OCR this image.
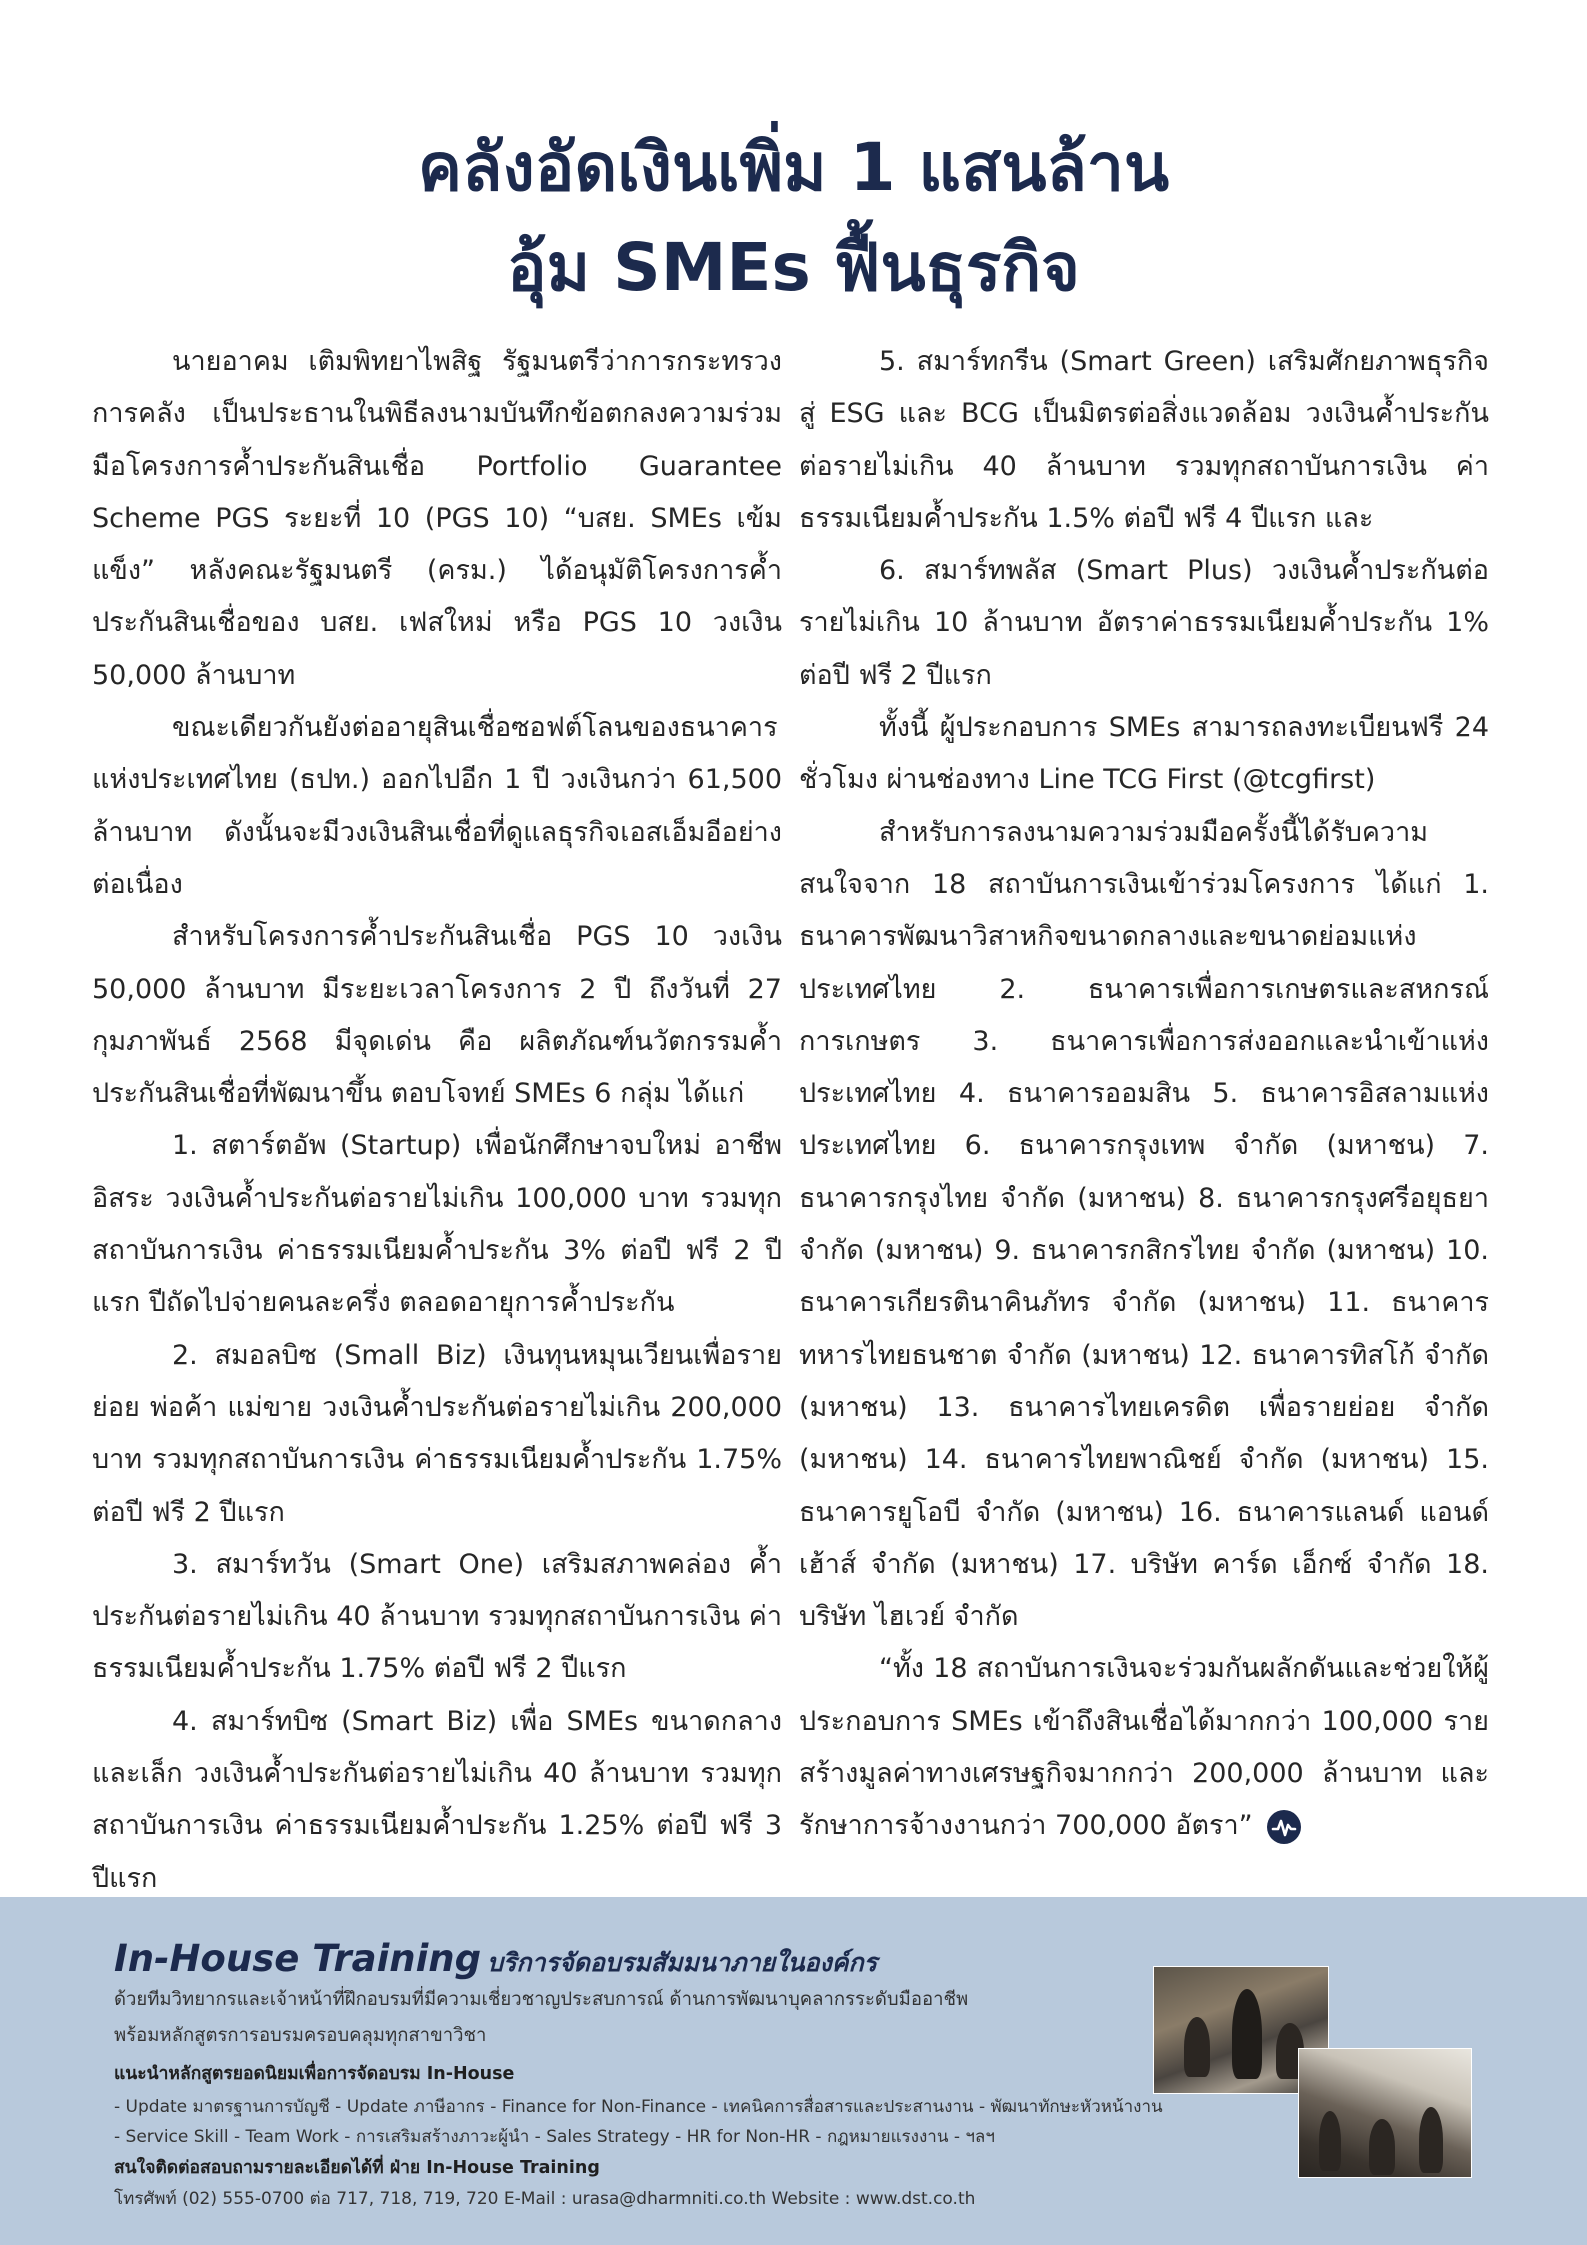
คลังอัดเงินเพิ่ม 1 แสนล้าน
อุ้ม SMEs ฟื้นธุรกิจ

นายอาคม เติมพิทยาไพสิฐ รัฐมนตรีว่าการกระทรวงการคลัง เป็นประธานในพิธีลงนามบันทึกข้อตกลงความร่วมมือโครงการค้ำประกันสินเชื่อ Portfolio Guarantee Scheme PGS ระยะที่ 10 (PGS 10) “บสย. SMEs เข้มแข็ง” หลังคณะรัฐมนตรี (ครม.) ได้อนุมัติโครงการค้ำประกันสินเชื่อของ บสย. เฟสใหม่ หรือ PGS 10 วงเงิน 50,000 ล้านบาท

ขณะเดียวกันยังต่ออายุสินเชื่อซอฟต์โลนของธนาคารแห่งประเทศไทย (ธปท.) ออกไปอีก 1 ปี วงเงินกว่า 61,500 ล้านบาท ดังนั้นจะมีวงเงินสินเชื่อที่ดูแลธุรกิจเอสเอ็มอีอย่างต่อเนื่อง

สำหรับโครงการค้ำประกันสินเชื่อ PGS 10 วงเงิน 50,000 ล้านบาท มีระยะเวลาโครงการ 2 ปี ถึงวันที่ 27 กุมภาพันธ์ 2568 มีจุดเด่น คือ ผลิตภัณฑ์นวัตกรรมค้ำประกันสินเชื่อที่พัฒนาขึ้น ตอบโจทย์ SMEs 6 กลุ่ม ได้แก่

1. สตาร์ตอัพ (Startup) เพื่อนักศึกษาจบใหม่ อาชีพอิสระ วงเงินค้ำประกันต่อรายไม่เกิน 100,000 บาท รวมทุกสถาบันการเงิน ค่าธรรมเนียมค้ำประกัน 3% ต่อปี ฟรี 2 ปีแรก ปีถัดไปจ่ายคนละครึ่ง ตลอดอายุการค้ำประกัน

2. สมอลบิซ (Small Biz) เงินทุนหมุนเวียนเพื่อรายย่อย พ่อค้า แม่ขาย วงเงินค้ำประกันต่อรายไม่เกิน 200,000 บาท รวมทุกสถาบันการเงิน ค่าธรรมเนียมค้ำประกัน 1.75% ต่อปี ฟรี 2 ปีแรก

3. สมาร์ทวัน (Smart One) เสริมสภาพคล่อง ค้ำประกันต่อรายไม่เกิน 40 ล้านบาท รวมทุกสถาบันการเงิน ค่าธรรมเนียมค้ำประกัน 1.75% ต่อปี ฟรี 2 ปีแรก

4. สมาร์ทบิซ (Smart Biz) เพื่อ SMEs ขนาดกลางและเล็ก วงเงินค้ำประกันต่อรายไม่เกิน 40 ล้านบาท รวมทุกสถาบันการเงิน ค่าธรรมเนียมค้ำประกัน 1.25% ต่อปี ฟรี 3 ปีแรก

5. สมาร์ทกรีน (Smart Green) เสริมศักยภาพธุรกิจสู่ ESG และ BCG เป็นมิตรต่อสิ่งแวดล้อม วงเงินค้ำประกันต่อรายไม่เกิน 40 ล้านบาท รวมทุกสถาบันการเงิน ค่าธรรมเนียมค้ำประกัน 1.5% ต่อปี ฟรี 4 ปีแรก และ

6. สมาร์ทพลัส (Smart Plus) วงเงินค้ำประกันต่อรายไม่เกิน 10 ล้านบาท อัตราค่าธรรมเนียมค้ำประกัน 1% ต่อปี ฟรี 2 ปีแรก

ทั้งนี้ ผู้ประกอบการ SMEs สามารถลงทะเบียนฟรี 24 ชั่วโมง ผ่านช่องทาง Line TCG First (@tcgfirst)

สำหรับการลงนามความร่วมมือครั้งนี้ได้รับความสนใจจาก 18 สถาบันการเงินเข้าร่วมโครงการ ได้แก่ 1. ธนาคารพัฒนาวิสาหกิจขนาดกลางและขนาดย่อมแห่งประเทศไทย 2. ธนาคารเพื่อการเกษตรและสหกรณ์การเกษตร 3. ธนาคารเพื่อการส่งออกและนำเข้าแห่งประเทศไทย 4. ธนาคารออมสิน 5. ธนาคารอิสลามแห่งประเทศไทย 6. ธนาคารกรุงเทพ จำกัด (มหาชน) 7. ธนาคารกรุงไทย จำกัด (มหาชน) 8. ธนาคารกรุงศรีอยุธยา จำกัด (มหาชน) 9. ธนาคารกสิกรไทย จำกัด (มหาชน) 10. ธนาคารเกียรตินาคินภัทร จำกัด (มหาชน) 11. ธนาคารทหารไทยธนชาต จำกัด (มหาชน) 12. ธนาคารทิสโก้ จำกัด (มหาชน) 13. ธนาคารไทยเครดิต เพื่อรายย่อย จำกัด (มหาชน) 14. ธนาคารไทยพาณิชย์ จำกัด (มหาชน) 15. ธนาคารยูโอบี จำกัด (มหาชน) 16. ธนาคารแลนด์ แอนด์ เฮ้าส์ จำกัด (มหาชน) 17. บริษัท คาร์ด เอ็กซ์ จำกัด 18. บริษัท ไฮเวย์ จำกัด

“ทั้ง 18 สถาบันการเงินจะร่วมกันผลักดันและช่วยให้ผู้ประกอบการ SMEs เข้าถึงสินเชื่อได้มากกว่า 100,000 ราย สร้างมูลค่าทางเศรษฐกิจมากกว่า 200,000 ล้านบาท และรักษาการจ้างงานกว่า 700,000 อัตรา”

In-House Training บริการจัดอบรมสัมมนาภายในองค์กร
ด้วยทีมวิทยากรและเจ้าหน้าที่ฝึกอบรมที่มีความเชี่ยวชาญประสบการณ์ ด้านการพัฒนาบุคลากรระดับมืออาชีพ
พร้อมหลักสูตรการอบรมครอบคลุมทุกสาขาวิชา
แนะนำหลักสูตรยอดนิยมเพื่อการจัดอบรม In-House
- Update มาตรฐานการบัญชี - Update ภาษีอากร - Finance for Non-Finance - เทคนิคการสื่อสารและประสานงาน - พัฒนาทักษะหัวหน้างาน
- Service Skill - Team Work - การเสริมสร้างภาวะผู้นำ - Sales Strategy - HR for Non-HR - กฎหมายแรงงาน - ฯลฯ
สนใจติดต่อสอบถามรายละเอียดได้ที่ ฝ่าย In-House Training
โทรศัพท์ (02) 555-0700 ต่อ 717, 718, 719, 720 E-Mail : urasa@dharmniti.co.th Website : www.dst.co.th
